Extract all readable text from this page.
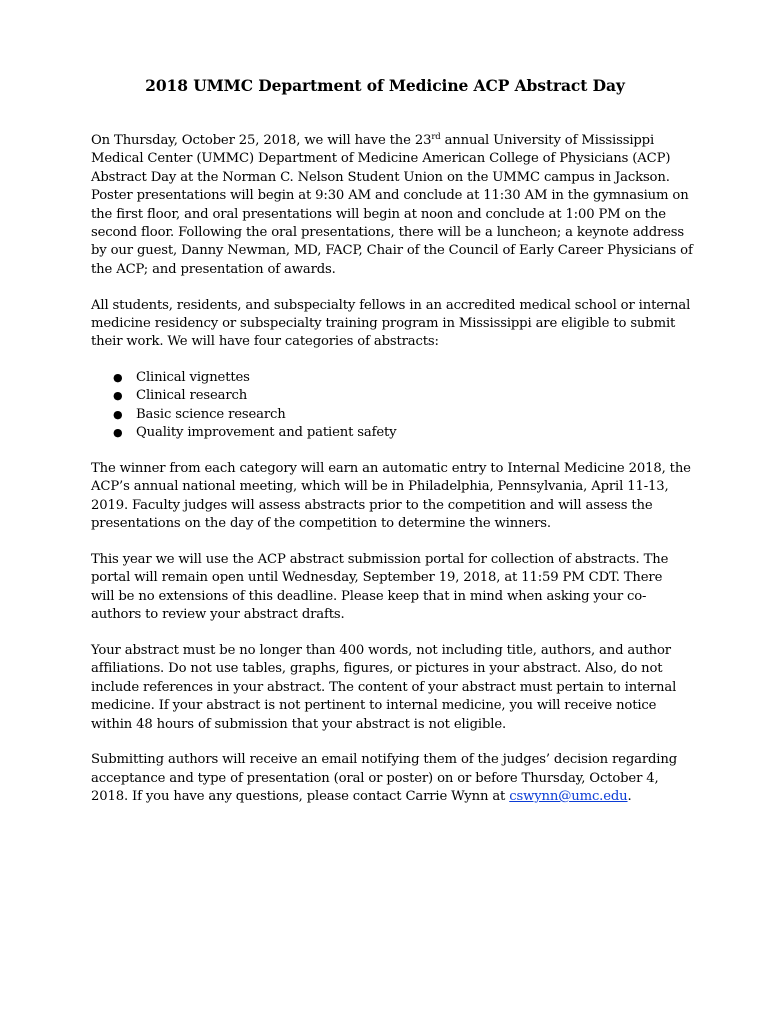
2018 UMMC Department of Medicine ACP Abstract Day
On Thursday, October 25, 2018, we will have the 23rd annual University of Mississippi
Medical Center (UMMC) Department of Medicine American College of Physicians (ACP)
Abstract Day at the Norman C. Nelson Student Union on the UMMC campus in Jackson.
Poster presentations will begin at 9:30 AM and conclude at 11:30 AM in the gymnasium on
the first floor, and oral presentations will begin at noon and conclude at 1:00 PM on the
second floor. Following the oral presentations, there will be a luncheon; a keynote address
by our guest, Danny Newman, MD, FACP, Chair of the Council of Early Career Physicians of
the ACP; and presentation of awards.
All students, residents, and subspecialty fellows in an accredited medical school or internal
medicine residency or subspecialty training program in Mississippi are eligible to submit
their work. We will have four categories of abstracts:
● Clinical vignettes
● Clinical research
● Basic science research
● Quality improvement and patient safety
The winner from each category will earn an automatic entry to Internal Medicine 2018, the
ACP’s annual national meeting, which will be in Philadelphia, Pennsylvania, April 11-13,
2019. Faculty judges will assess abstracts prior to the competition and will assess the
presentations on the day of the competition to determine the winners.
This year we will use the ACP abstract submission portal for collection of abstracts. The
portal will remain open until Wednesday, September 19, 2018, at 11:59 PM CDT. There
will be no extensions of this deadline. Please keep that in mind when asking your co-
authors to review your abstract drafts.
Your abstract must be no longer than 400 words, not including title, authors, and author
affiliations. Do not use tables, graphs, figures, or pictures in your abstract. Also, do not
include references in your abstract. The content of your abstract must pertain to internal
medicine. If your abstract is not pertinent to internal medicine, you will receive notice
within 48 hours of submission that your abstract is not eligible.
Submitting authors will receive an email notifying them of the judges’ decision regarding
acceptance and type of presentation (oral or poster) on or before Thursday, October 4,
2018. If you have any questions, please contact Carrie Wynn at cswynn@umc.edu.
